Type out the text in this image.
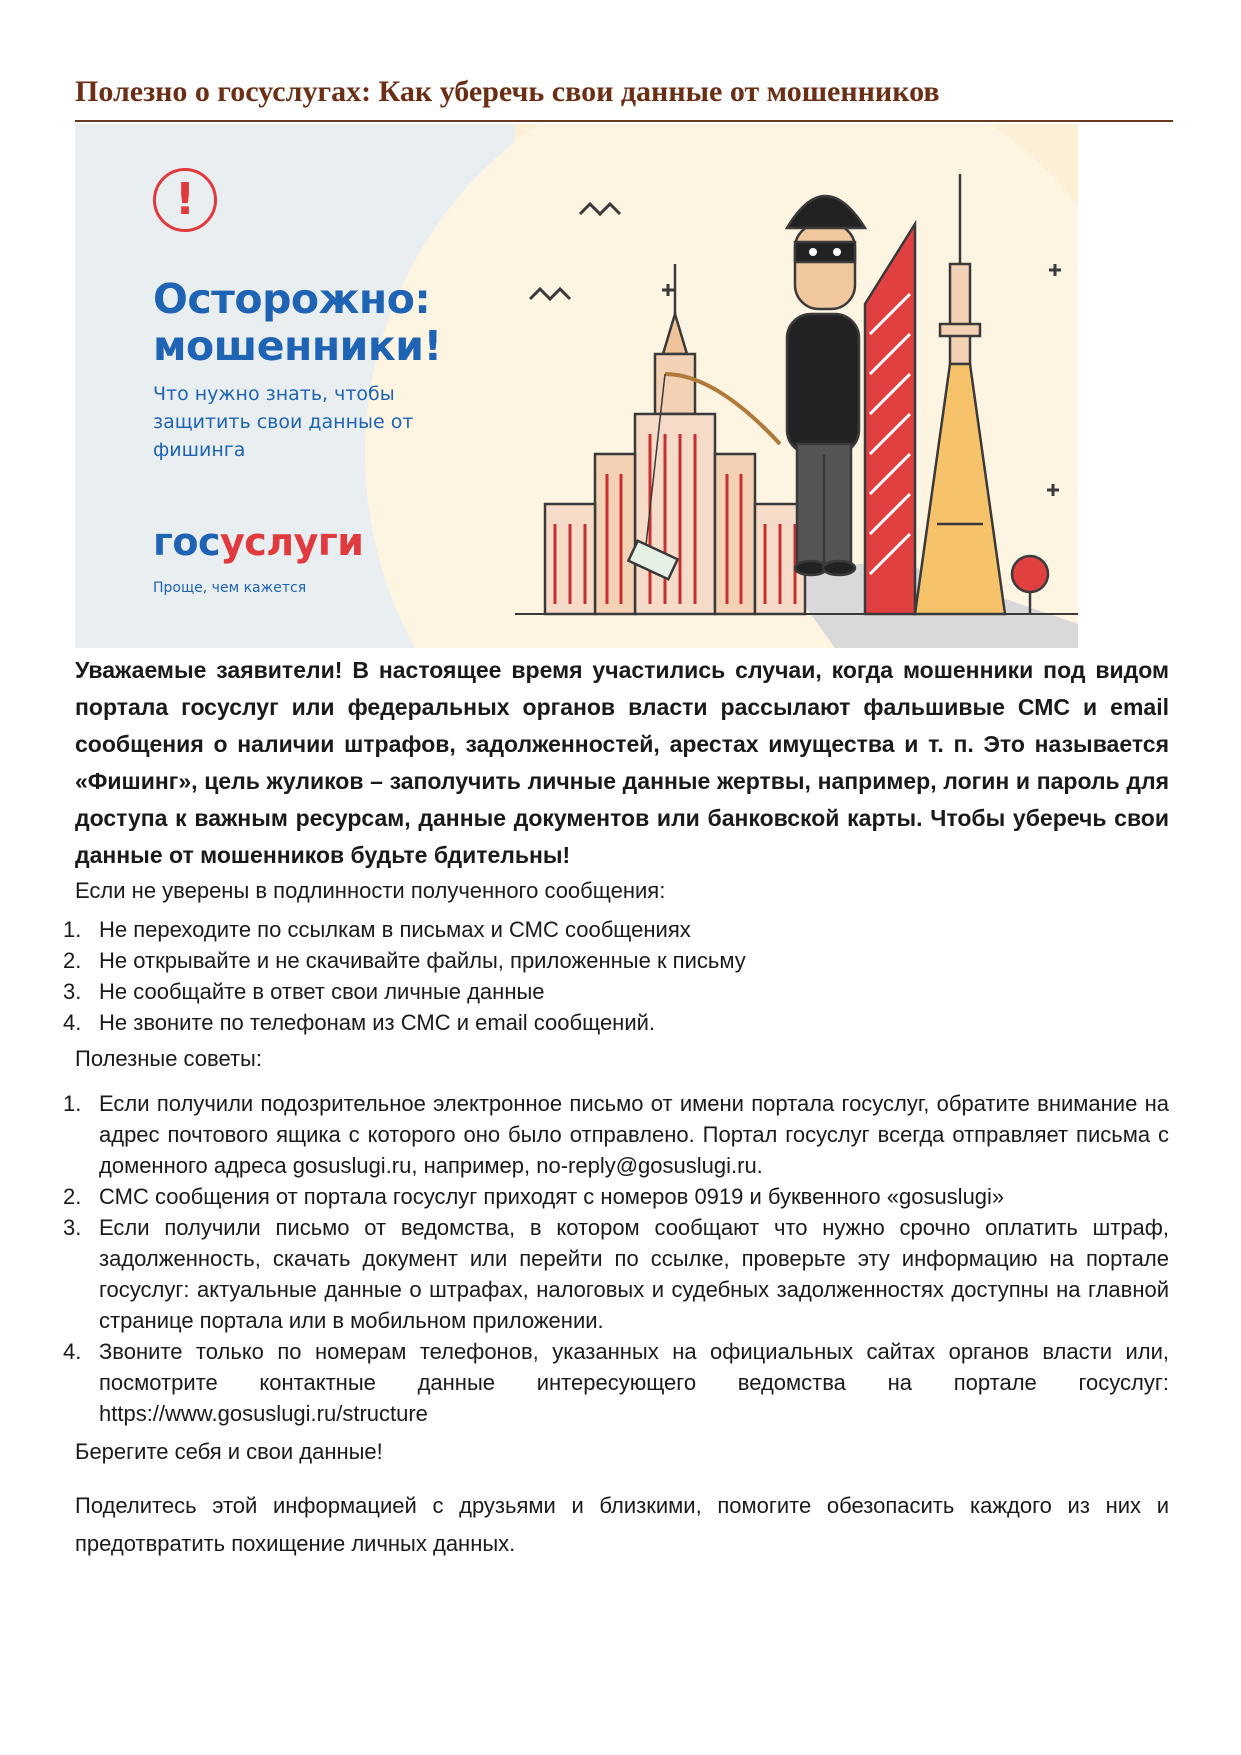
Полезно о госуслугах: Как уберечь свои данные от мошенников
!
Осторожно: мошенники!
Что нужно знать, чтобы защитить свои данные от фишинга
госуслуги
Проще, чем кажется

Уважаемые заявители! В настоящее время участились случаи, когда мошенники под видом портала госуслуг или федеральных органов власти рассылают фальшивые СМС и email сообщения о наличии штрафов, задолженностей, арестах имущества и т. п. Это называется «Фишинг», цель жуликов – заполучить личные данные жертвы, например, логин и пароль для доступа к важным ресурсам, данные документов или банковской карты. Чтобы уберечь свои данные от мошенников будьте бдительны!

Если не уверены в подлинности полученного сообщения:

1. Не переходите по ссылкам в письмах и СМС сообщениях
2. Не открывайте и не скачивайте файлы, приложенные к письму
3. Не сообщайте в ответ свои личные данные
4. Не звоните по телефонам из СМС и email сообщений.

Полезные советы:

1. Если получили подозрительное электронное письмо от имени портала госуслуг, обратите внимание на адрес почтового ящика с которого оно было отправлено. Портал госуслуг всегда отправляет письма с доменного адреса gosuslugi.ru, например, no-reply@gosuslugi.ru.
2. СМС сообщения от портала госуслуг приходят с номеров 0919 и буквенного «gosuslugi»
3. Если получили письмо от ведомства, в котором сообщают что нужно срочно оплатить штраф, задолженность, скачать документ или перейти по ссылке, проверьте эту информацию на портале госуслуг: актуальные данные о штрафах, налоговых и судебных задолженностях доступны на главной странице портала или в мобильном приложении.
4. Звоните только по номерам телефонов, указанных на официальных сайтах органов власти или, посмотрите контактные данные интересующего ведомства на портале госуслуг: https://www.gosuslugi.ru/structure

Берегите себя и свои данные!

Поделитесь этой информацией с друзьями и близкими, помогите обезопасить каждого из них и предотвратить похищение личных данных.
